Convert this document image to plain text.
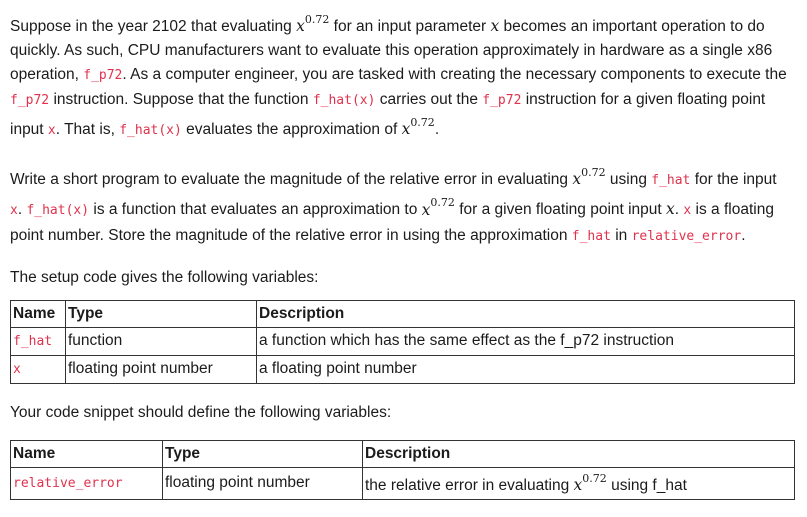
Suppose in the year 2102 that evaluating $x^{0.72}$ for an input parameter x becomes an important operation to do quickly. As such, CPU manufacturers want to evaluate this operation approximately in hardware as a single x86 operation, f_p72. As a computer engineer, you are tasked with creating the necessary components to execute the f_p72 instruction. Suppose that the function f_hat(x) carries out the f_p72 instruction for a given floating point input x. That is, f_hat(x) evaluates the approximation of $x^{0.72}$.

Write a short program to evaluate the magnitude of the relative error in evaluating $x^{0.72}$ using f_hat for the input x. f_hat(x) is a function that evaluates an approximation to $x^{0.72}$ for a given floating point input x. x is a floating point number. Store the magnitude of the relative error in using the approximation f_hat in relative_error.

The setup code gives the following variables:

Name	Type	Description
f_hat	function	a function which has the same effect as the f_p72 instruction
x	floating point number	a floating point number

Your code snippet should define the following variables:

Name	Type	Description
relative_error	floating point number	the relative error in evaluating $x^{0.72}$ using f_hat
